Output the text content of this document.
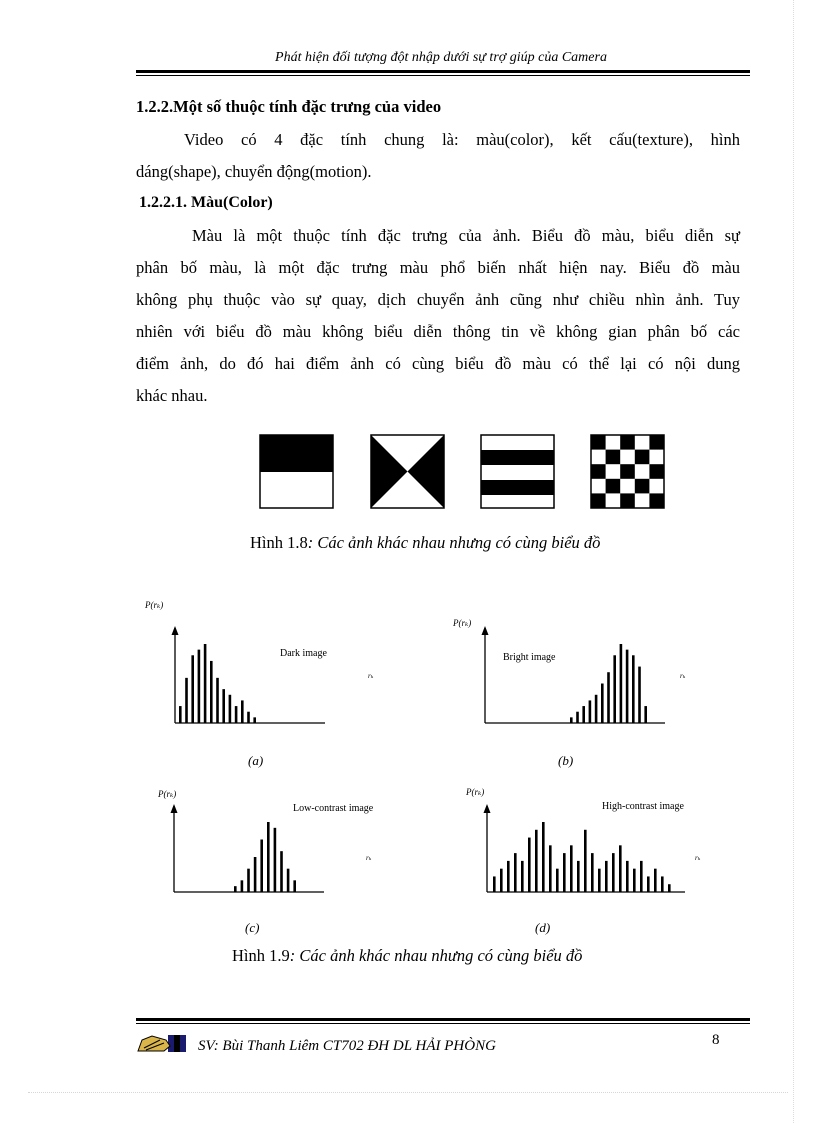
Phát hiện đối tượng đột nhập dưới sự trợ giúp của Camera
1.2.2.Một số thuộc tính đặc trưng của video
Video có 4 đặc tính chung là: màu(color), kết cấu(texture), hình
dáng(shape), chuyển động(motion).
1.2.2.1. Màu(Color)
Màu là một thuộc tính đặc trưng của ảnh. Biểu đồ màu, biểu diễn sự
phân bố màu, là một đặc trưng màu phổ biến nhất hiện nay. Biểu đồ màu
không phụ thuộc vào sự quay, dịch chuyển ảnh cũng như chiều nhìn ảnh. Tuy
nhiên với biểu đồ màu không biểu diễn thông tin về không gian phân bố các
điểm ảnh, do đó hai điểm ảnh có cùng biểu đồ màu có thể lại có nội dung
khác nhau.
Hình 1.8: Các ảnh khác nhau nhưng có cùng biểu đồ
Dark image
P(rₖ)
rₖ
(a)
Bright image
P(rₖ)
rₖ
(b)
Low-contrast image
P(rₖ)
rₖ
(c)
High-contrast image
P(rₖ)
rₖ
(d)
Hình 1.9: Các ảnh khác nhau nhưng có cùng biểu đồ
SV: Bùi Thanh Liêm CT702 ĐH DL HẢI PHÒNG	8
